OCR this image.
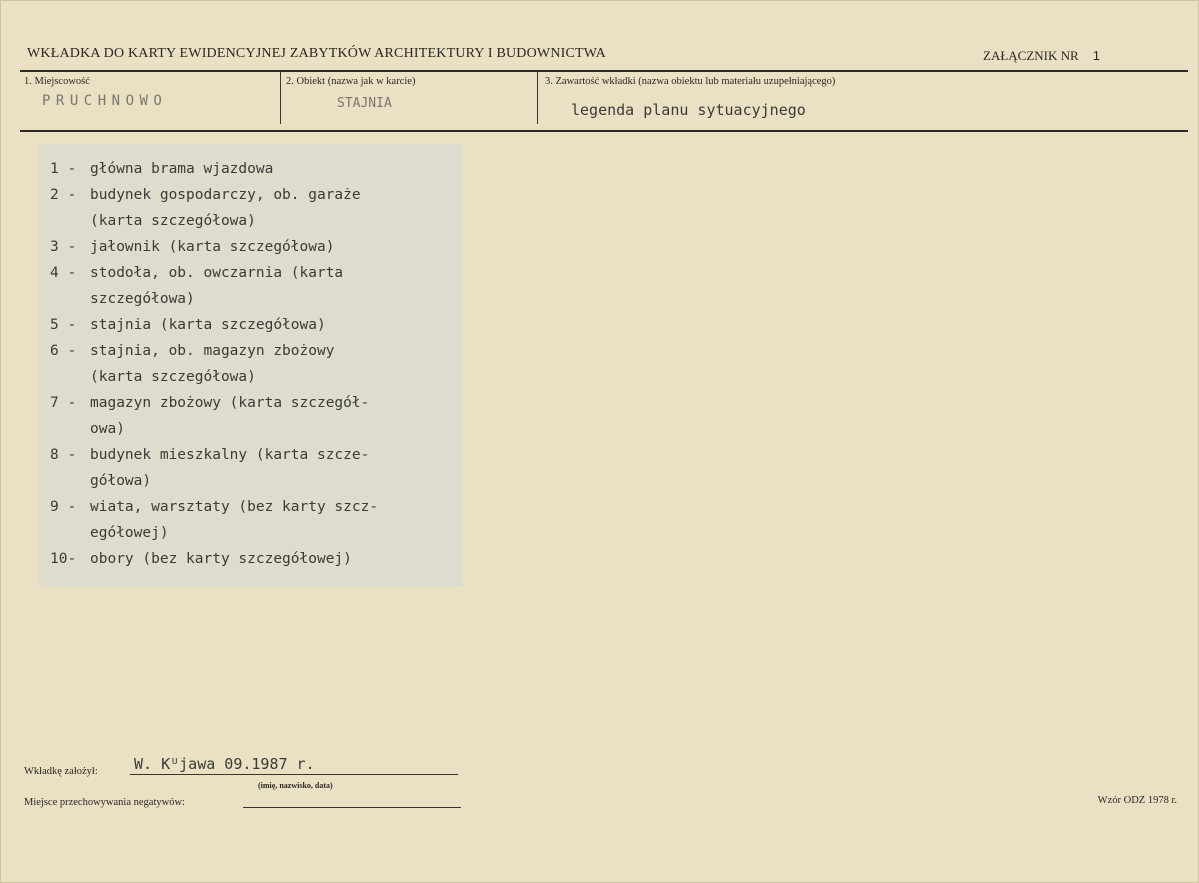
WKŁADKA DO KARTY EWIDENCYJNEJ ZABYTKÓW ARCHITEKTURY I BUDOWNICTWA	ZAŁĄCZNIK NR 1
1. Miejscowość
PRUCHNOWO
2. Obiekt (nazwa jak w karcie)
STAJNIA
3. Zawartość wkładki (nazwa obiektu lub materiału uzupełniającego)
legenda planu sytuacyjnego
1 - główna brama wjazdowa
2 - budynek gospodarczy, ob. garaże
(karta szczegółowa)
3 - jałownik (karta szczegółowa)
4 - stodoła, ob. owczarnia (karta
szczegółowa)
5 - stajnia (karta szczegółowa)
6 - stajnia, ob. magazyn zbożowy
(karta szczegółowa)
7 - magazyn zbożowy (karta szczegół-
owa)
8 - budynek mieszkalny (karta szcze-
gółowa)
9 - wiata, warsztaty (bez karty szcz-
egółowej)
10- obory (bez karty szczegółowej)
Wkładkę założył: W. Kᵁjawa 09.1987 r.
(imię, nazwisko, data)
Miejsce przechowywania negatywów:	Wzór ODZ 1978 r.
